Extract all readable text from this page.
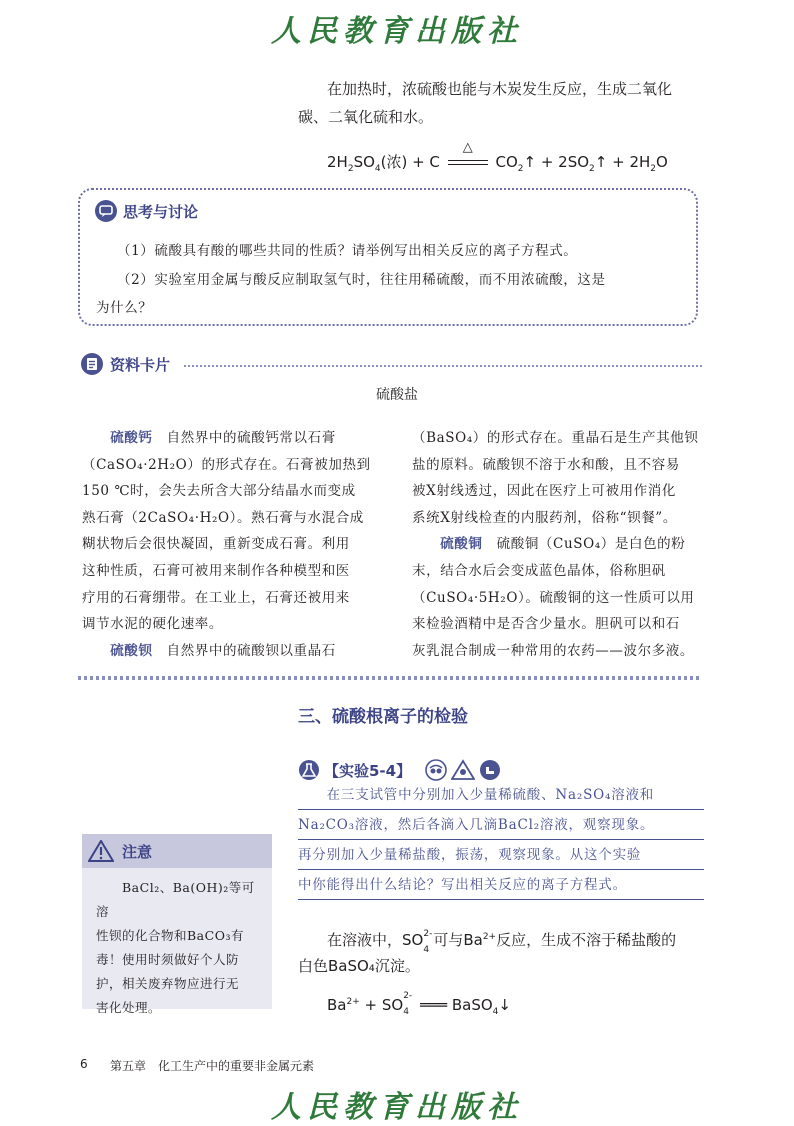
人民教育出版社
在加热时，浓硫酸也能与木炭发生反应，生成二氧化
碳、二氧化硫和水。
$2H_2SO_4$(浓) + C
△
$CO_2↑$ + $2SO_2↑ + 2H_2O$
思考与讨论
（1）硫酸具有酸的哪些共同的性质？请举例写出相关反应的离子方程式。
（2）实验室用金属与酸反应制取氢气时，往往用稀硫酸，而不用浓硫酸，这是
为什么？
资料卡片
硫酸盐
　　硫酸钙　自然界中的硫酸钙常以石膏
（CaSO₄·2H₂O）的形式存在。石膏被加热到
150 ℃时，会失去所含大部分结晶水而变成
熟石膏（2CaSO₄·H₂O）。熟石膏与水混合成
糊状物后会很快凝固，重新变成石膏。利用
这种性质，石膏可被用来制作各种模型和医
疗用的石膏绷带。在工业上，石膏还被用来
调节水泥的硬化速率。
　　硫酸钡　自然界中的硫酸钡以重晶石
（BaSO₄）的形式存在。重晶石是生产其他钡
盐的原料。硫酸钡不溶于水和酸，且不容易
被X射线透过，因此在医疗上可被用作消化
系统X射线检查的内服药剂，俗称“钡餐”。
　　硫酸铜　硫酸铜（CuSO₄）是白色的粉
末，结合水后会变成蓝色晶体，俗称胆矾
（CuSO₄·5H₂O）。硫酸铜的这一性质可以用
来检验酒精中是否含少量水。胆矾可以和石
灰乳混合制成一种常用的农药——波尔多液。
三、硫酸根离子的检验
【实验5-4】
　　在三支试管中分别加入少量稀硫酸、Na₂SO₄溶液和
Na₂CO₃溶液，然后各滴入几滴BaCl₂溶液，观察现象。
再分别加入少量稀盐酸，振荡，观察现象。从这个实验
中你能得出什么结论？写出相关反应的离子方程式。
注意
　　BaCl₂、Ba(OH)₂等可溶
性钡的化合物和BaCO₃有
毒！使用时须做好个人防
护，相关废弃物应进行无
害化处理。
在溶液中，SO 2-
4
可与$Ba^{2+}$反应，生成不溶于稀盐酸的
白色BaSO₄沉淀。
$Ba^{2+}$ + SO 2-
4 ═══ BaSO$_4$↓
6 第五章　化工生产中的重要非金属元素
人民教育出版社
